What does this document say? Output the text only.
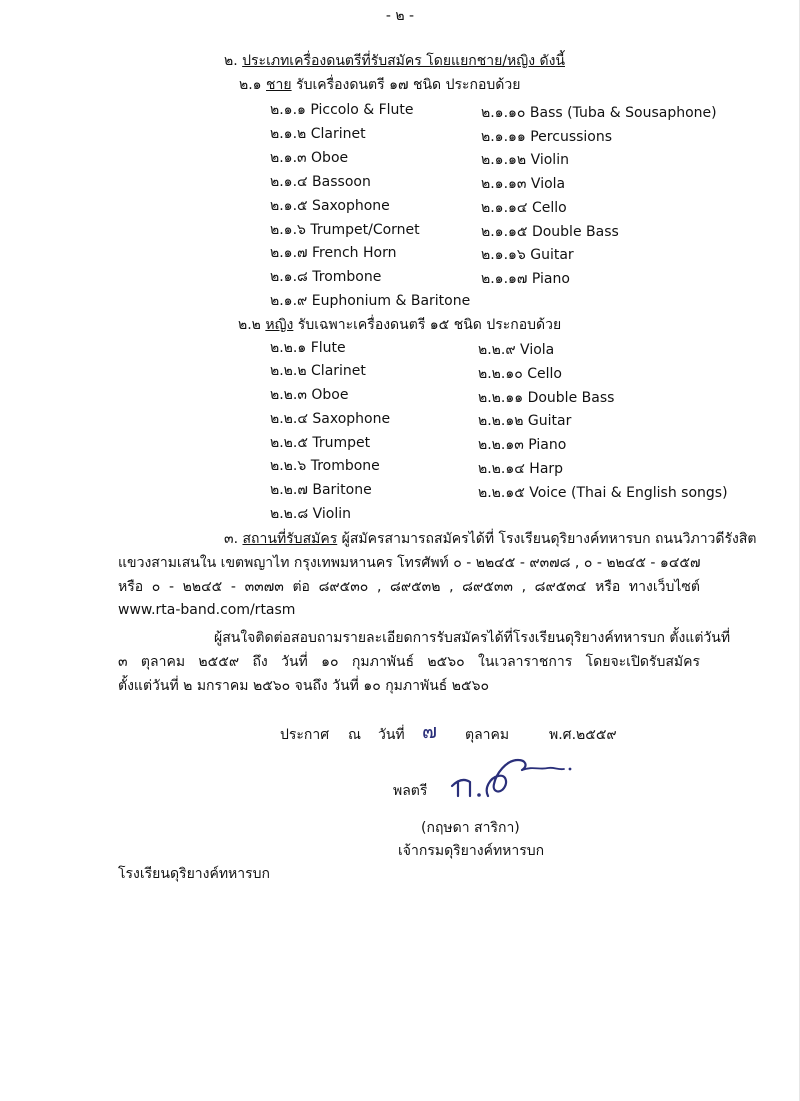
- ๒ -
๒. ประเภทเครื่องดนตรีที่รับสมัคร โดยแยกชาย/หญิง ดังนี้
๒.๑ ชาย รับเครื่องดนตรี ๑๗ ชนิด ประกอบด้วย
๒.๑.๑ Piccolo & Flute
๒.๑.๒ Clarinet
๒.๑.๓ Oboe
๒.๑.๔ Bassoon
๒.๑.๕ Saxophone
๒.๑.๖ Trumpet/Cornet
๒.๑.๗ French Horn
๒.๑.๘ Trombone
๒.๑.๙ Euphonium & Baritone
๒.๑.๑๐ Bass (Tuba & Sousaphone)
๒.๑.๑๑ Percussions
๒.๑.๑๒ Violin
๒.๑.๑๓ Viola
๒.๑.๑๔ Cello
๒.๑.๑๕ Double Bass
๒.๑.๑๖ Guitar
๒.๑.๑๗ Piano
๒.๒ หญิง รับเฉพาะเครื่องดนตรี ๑๕ ชนิด ประกอบด้วย
๒.๒.๑ Flute
๒.๒.๒ Clarinet
๒.๒.๓ Oboe
๒.๒.๔ Saxophone
๒.๒.๕ Trumpet
๒.๒.๖ Trombone
๒.๒.๗ Baritone
๒.๒.๘ Violin
๒.๒.๙ Viola
๒.๒.๑๐ Cello
๒.๒.๑๑ Double Bass
๒.๒.๑๒ Guitar
๒.๒.๑๓ Piano
๒.๒.๑๔ Harp
๒.๒.๑๕ Voice (Thai & English songs)
๓. สถานที่รับสมัคร ผู้สมัครสามารถสมัครได้ที่ โรงเรียนดุริยางค์ทหารบก ถนนวิภาวดีรังสิต
แขวงสามเสนใน เขตพญาไท กรุงเทพมหานคร โทรศัพท์ ๐ - ๒๒๔๕ - ๙๓๗๘ , ๐ - ๒๒๔๕ - ๑๔๕๗
หรือ ๐ - ๒๒๔๕ - ๓๓๗๓ ต่อ ๘๙๕๓๐ , ๘๙๕๓๒ , ๘๙๕๓๓ , ๘๙๕๓๔ หรือ ทางเว็บไซต์
www.rta-band.com/rtasm
ผู้สนใจติดต่อสอบถามรายละเอียดการรับสมัครได้ที่โรงเรียนดุริยางค์ทหารบก ตั้งแต่วันที่
๓ ตุลาคม ๒๕๕๙ ถึง วันที่ ๑๐ กุมภาพันธ์ ๒๕๖๐ ในเวลาราชการ โดยจะเปิดรับสมัคร
ตั้งแต่วันที่ ๒ มกราคม ๒๕๖๐ จนถึง วันที่ ๑๐ กุมภาพันธ์ ๒๕๖๐
ประกาศ ณ วันที่ ๗ ตุลาคม	พ.ศ.๒๕๕๙
พลตรี
(กฤษดา สาริกา)
เจ้ากรมดุริยางค์ทหารบก
โรงเรียนดุริยางค์ทหารบก
